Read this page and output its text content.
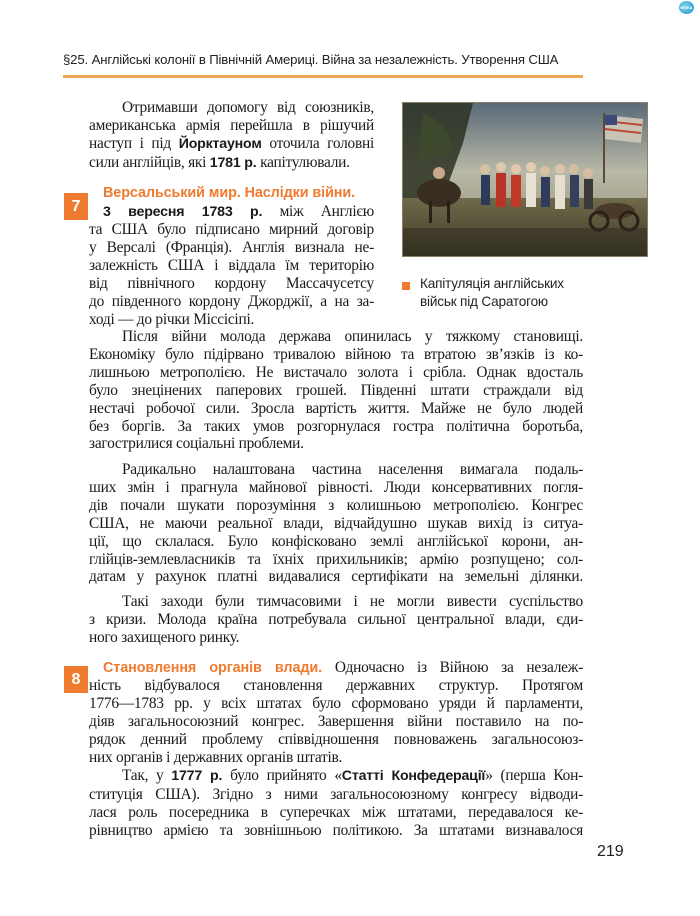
ВЕЖА
§25. Англійські колонії в Північній Америці. Війна за незалежність. Утворення США
Отримавши допомогу від союзників,
американська армія перейшла в рішучий
наступ і під Йорктауном оточила головні
сили англійців, які 1781 р. капітулювали.
7
Версальський мир. Наслідки війни.
3 вересня 1783 р. між Англією
та США було підписано мирний договір
у Версалі (Франція). Англія визнала не-
залежність США і віддала їм територію
від північного кордону Массачусетсу
до південного кордону Джорджії, а на за-
ході — до річки Міссісіпі.
Після війни молода держава опинилась у тяжкому становищі.
Економіку було підірвано тривалою війною та втратою зв’язків із ко-
лишньою метрополією. Не вистачало золота і срібла. Однак вдосталь
було знецінених паперових грошей. Південні штати страждали від
нестачі робочої сили. Зросла вартість життя. Майже не було людей
без боргів. За таких умов розгорнулася гостра політична боротьба,
загострилися соціальні проблеми.
Радикально налаштована частина населення вимагала подаль-
ших змін і прагнула майнової рівності. Люди консервативних погля-
дів почали шукати порозуміння з колишньою метрополією. Конгрес
США, не маючи реальної влади, відчайдушно шукав вихід із ситуа-
ції, що склалася. Було конфісковано землі англійської корони, ан-
глійців-землевласників та їхніх прихильників; армію розпущено; сол-
датам у рахунок платні видавалися сертифікати на земельні ділянки.
Такі заходи були тимчасовими і не могли вивести суспільство
з кризи. Молода країна потребувала сильної центральної влади, єди-
ного захищеного ринку.
8
Становлення органів влади. Одночасно із Війною за незалеж-
ність відбувалося становлення державних структур. Протягом
1776—1783 рр. у всіх штатах було сформовано уряди й парламенти,
діяв загальносоюзний конгрес. Завершення війни поставило на по-
рядок денний проблему співвідношення повноважень загальносоюз-
них органів і державних органів штатів.
Так, у 1777 р. було прийнято «Статті Конфедерації» (перша Кон-
ституція США). Згідно з ними загальносоюзному конгресу відводи-
лася роль посередника в суперечках між штатами, передавалося ке-
рівництво армією та зовнішньою політикою. За штатами визнавалося
Капітуляція англійських
військ під Саратогою
219
